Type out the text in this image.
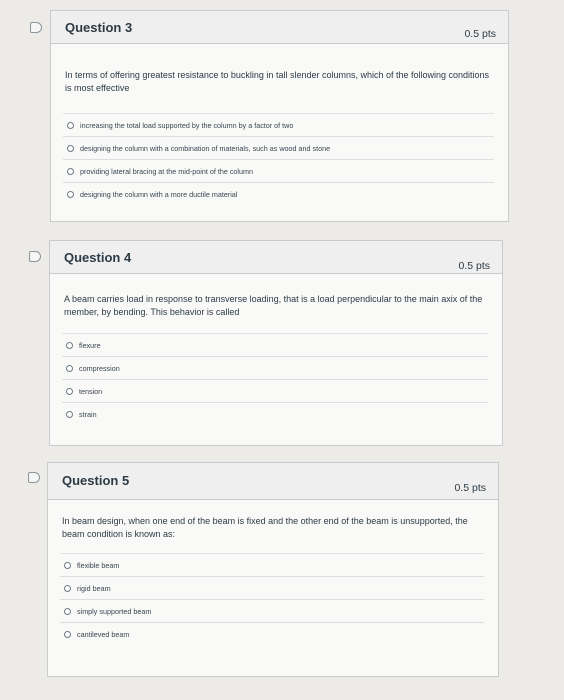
Question 3	0.5 pts
In terms of offering greatest resistance to buckling in tall slender columns, which of the following conditions is most effective
increasing the total load supported by the column by a factor of two
designing the column with a combination of materials, such as wood and stone
providing lateral bracing at the mid-point of the column
designing the column with a more ductile material
Question 4
0.5 pts
A beam carries load in response to transverse loading, that is a load perpendicular to the main axix of the member, by bending. This behavior is called
flexure
compression
tension
strain
Question 5	0.5 pts
In beam design, when one end of the beam is fixed and the other end of the beam is unsupported, the beam condition is known as:
flexible beam
rigid beam
simply supported beam
cantileved beam
